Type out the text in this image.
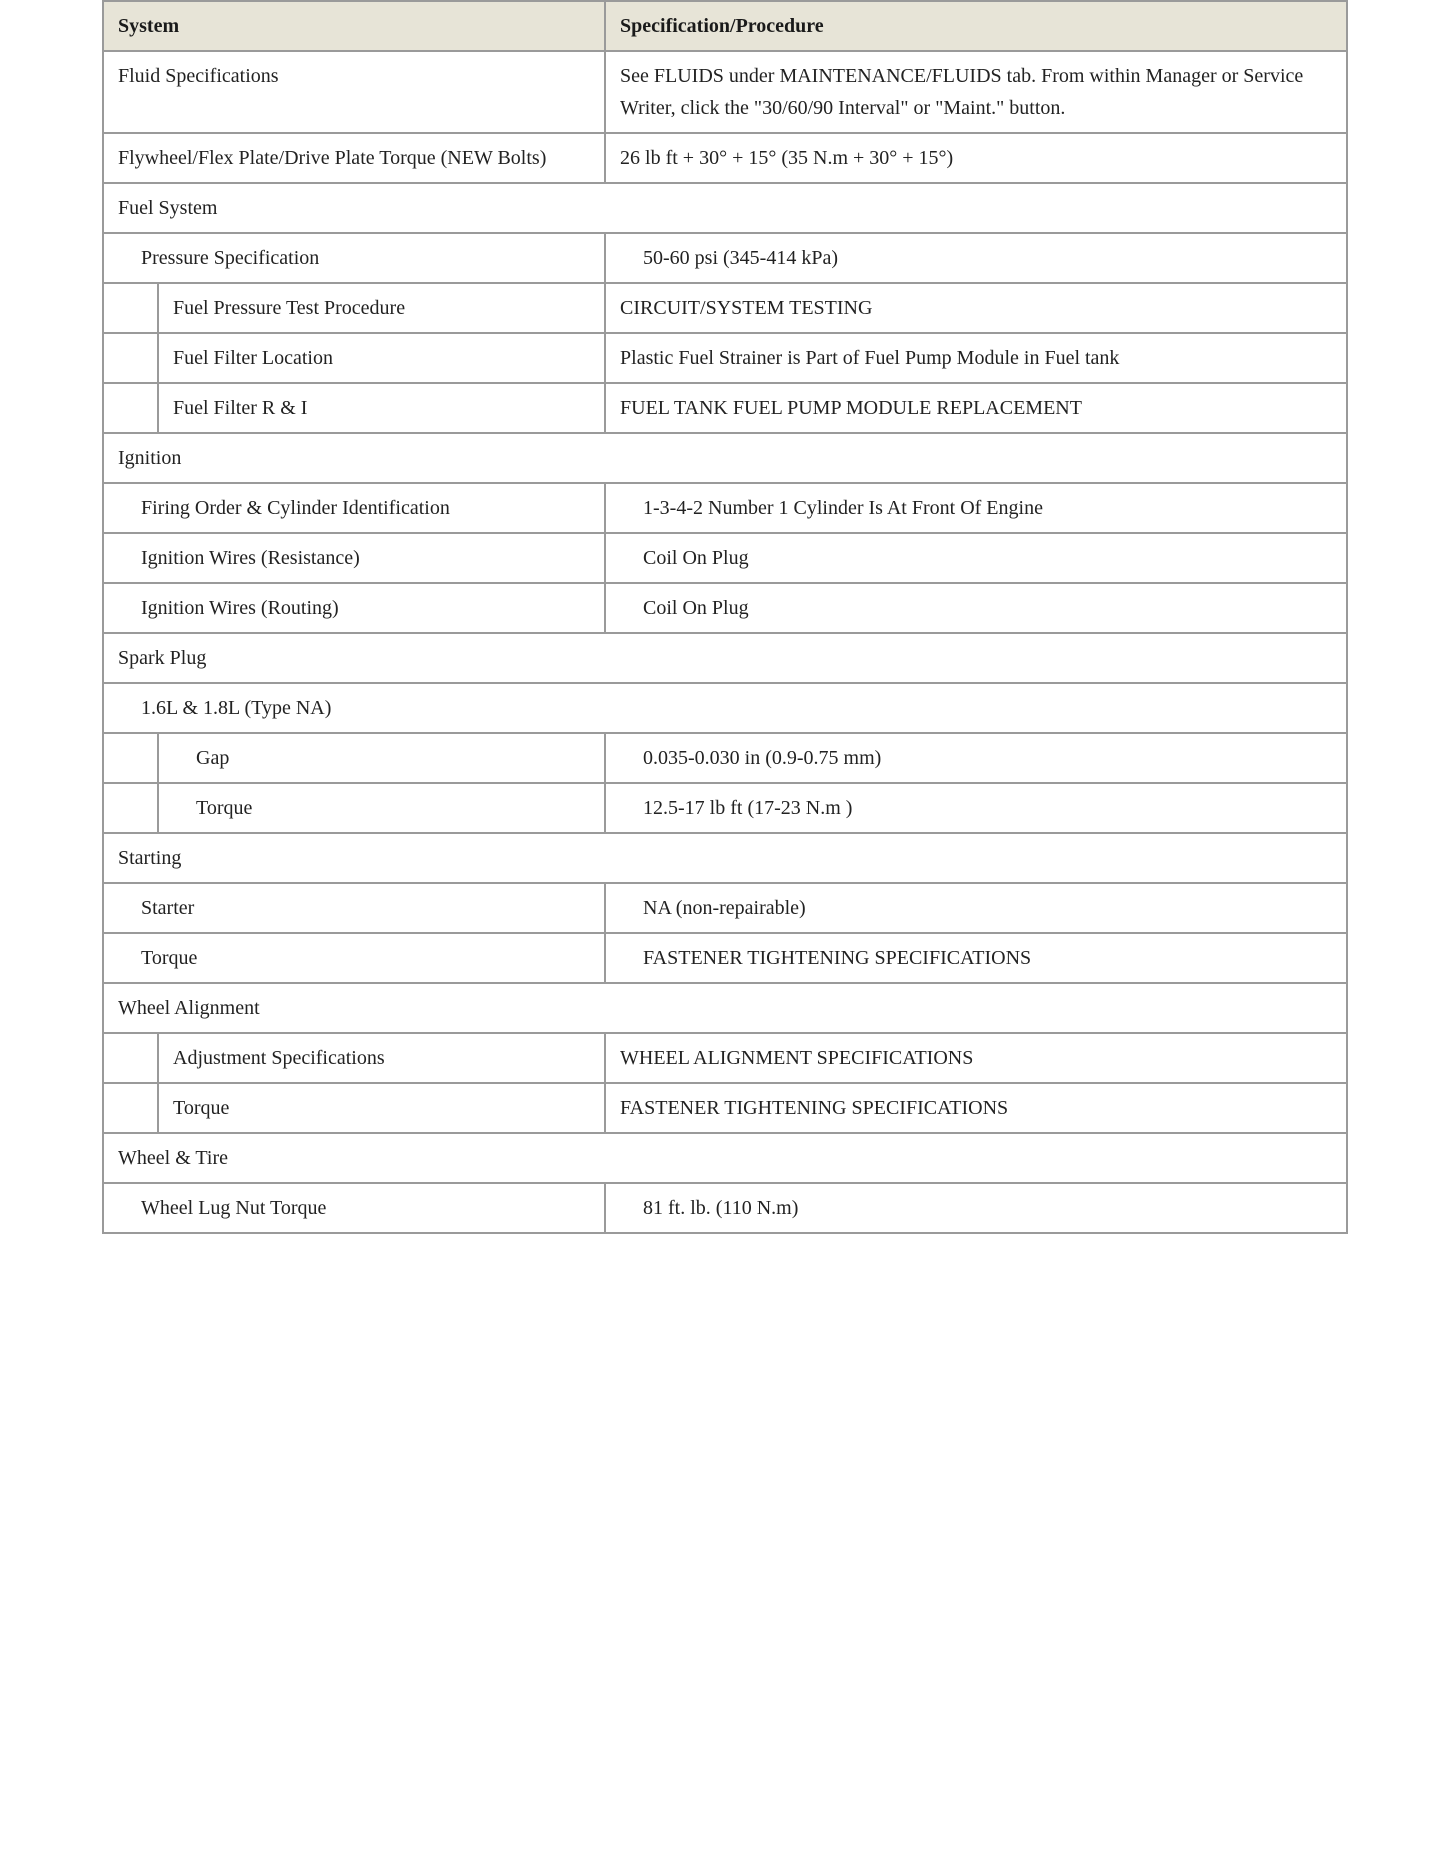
System		Specification/Procedure
Fluid Specifications		See FLUIDS under MAINTENANCE/FLUIDS tab. From within Manager or Service Writer, click the "30/60/90 Interval" or "Maint." button.
Flywheel/Flex Plate/Drive Plate Torque (NEW Bolts)		26 lb ft + 30° + 15° (35 N.m + 30° + 15°)
Fuel System		
Pressure Specification		50-60 psi (345-414 kPa)
	Fuel Pressure Test Procedure	CIRCUIT/SYSTEM TESTING
	Fuel Filter Location	Plastic Fuel Strainer is Part of Fuel Pump Module in Fuel tank
	Fuel Filter R & I	FUEL TANK FUEL PUMP MODULE REPLACEMENT
Ignition		
Firing Order & Cylinder Identification		1-3-4-2 Number 1 Cylinder Is At Front Of Engine
Ignition Wires (Resistance)		Coil On Plug
Ignition Wires (Routing)		Coil On Plug
Spark Plug		
1.6L & 1.8L (Type NA)		
	Gap	0.035-0.030 in (0.9-0.75 mm)
	Torque	12.5-17 lb ft (17-23 N.m )
Starting		
Starter		NA (non-repairable)
Torque		FASTENER TIGHTENING SPECIFICATIONS
Wheel Alignment		
	Adjustment Specifications	WHEEL ALIGNMENT SPECIFICATIONS
	Torque	FASTENER TIGHTENING SPECIFICATIONS
Wheel & Tire		
Wheel Lug Nut Torque		81 ft. lb. (110 N.m)
